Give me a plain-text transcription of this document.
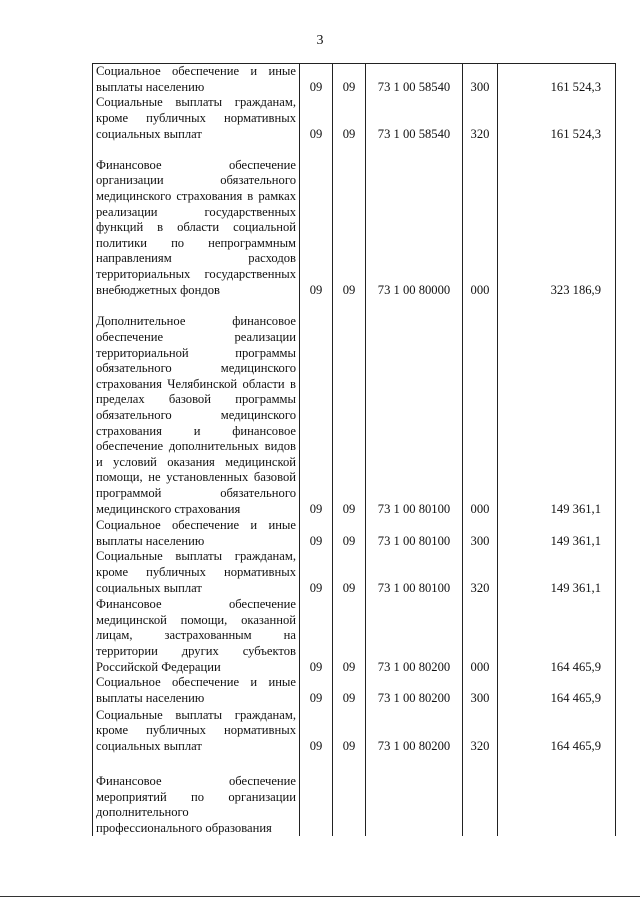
3
Социальное обеспечение и иные выплаты населению	09	09	73 1 00 58540	300	161 524,3
Социальные выплаты гражданам, кроме публичных нормативных социальных выплат	09	09	73 1 00 58540	320	161 524,3
Финансовое обеспечение организации обязательного медицинского страхования в рамках реализации государственных функций в области социальной политики по непрограммным направлениям расходов территориальных государственных внебюджетных фондов	09	09	73 1 00 80000	000	323 186,9
Дополнительное финансовое обеспечение реализации территориальной программы обязательного медицинского страхования Челябинской области в пределах базовой программы обязательного медицинского страхования и финансовое обеспечение дополнительных видов и условий оказания медицинской помощи, не установленных базовой программой обязательного медицинского страхования	09	09	73 1 00 80100	000	149 361,1
Социальное обеспечение и иные выплаты населению	09	09	73 1 00 80100	300	149 361,1
Социальные выплаты гражданам, кроме публичных нормативных социальных выплат	09	09	73 1 00 80100	320	149 361,1
Финансовое обеспечение медицинской помощи, оказанной лицам, застрахованным на территории других субъектов Российской Федерации	09	09	73 1 00 80200	000	164 465,9
Социальное обеспечение и иные выплаты населению	09	09	73 1 00 80200	300	164 465,9
Социальные выплаты гражданам, кроме публичных нормативных социальных выплат	09	09	73 1 00 80200	320	164 465,9
Финансовое обеспечение мероприятий по организации дополнительного профессионального образования					
